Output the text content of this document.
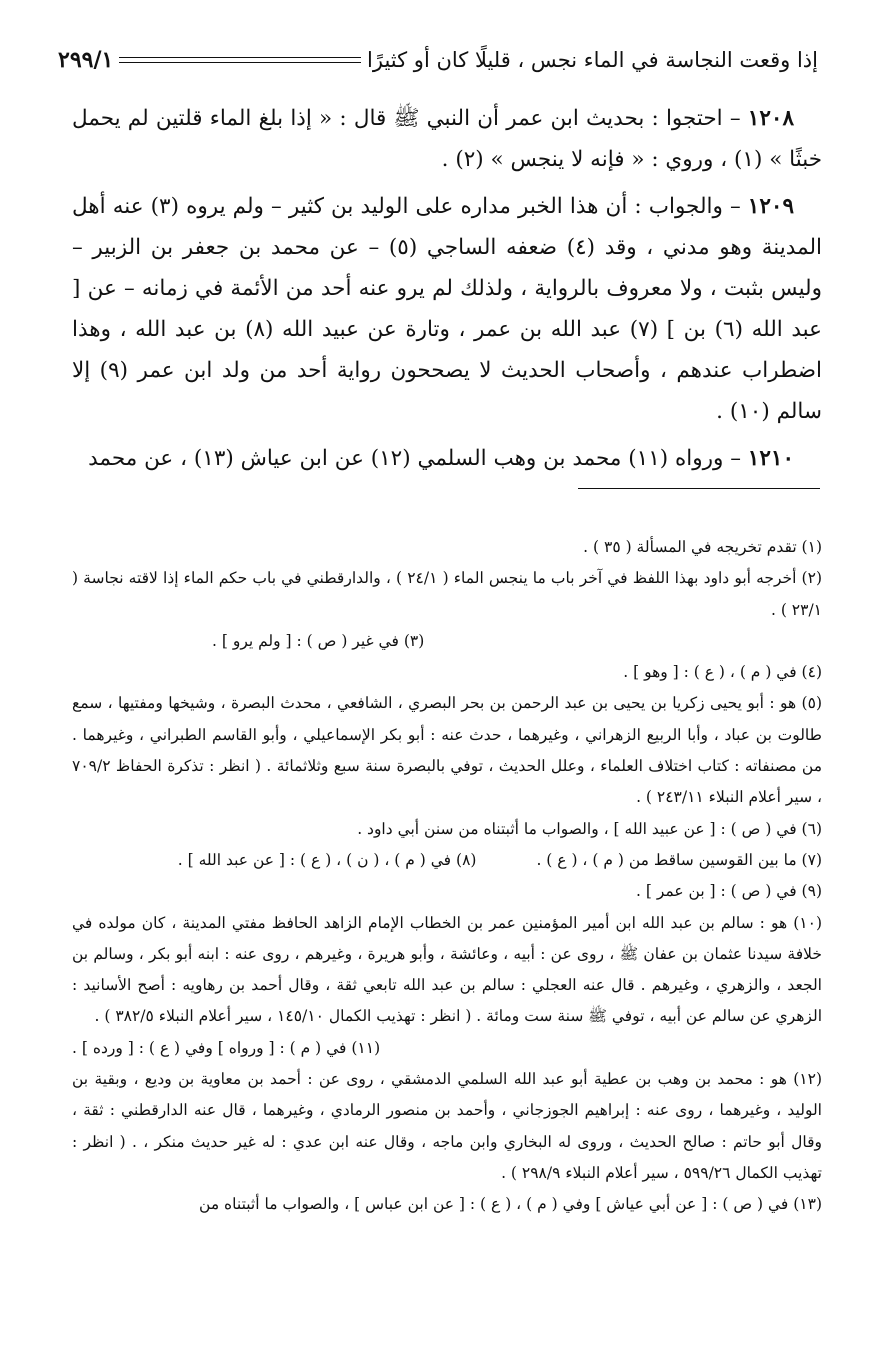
إذا وقعت النجاسة في الماء نجس ، قليلًا كان أو كثيرًا
٢٩٩/١

١٢٠٨ – احتجوا : بحديث ابن عمر أن النبي ﷺ قال : « إذا بلغ الماء قلتين لم يحمل خبثًا » (١) ، وروي : « فإنه لا ينجس » (٢) .

١٢٠٩ – والجواب : أن هذا الخبر مداره على الوليد بن كثير – ولم يروه (٣) عنه أهل المدينة وهو مدني ، وقد (٤) ضعفه الساجي (٥) – عن محمد بن جعفر بن الزبير – وليس بثبت ، ولا معروف بالرواية ، ولذلك لم يرو عنه أحد من الأئمة في زمانه – عن [ عبد الله (٦) بن ] (٧) عبد الله بن عمر ، وتارة عن عبيد الله (٨) بن عبد الله ، وهذا اضطراب عندهم ، وأصحاب الحديث لا يصححون رواية أحد من ولد ابن عمر (٩) إلا سالم (١٠) .

١٢١٠ – ورواه (١١) محمد بن وهب السلمي (١٢) عن ابن عياش (١٣) ، عن محمد

(١) تقدم تخريجه في المسألة ( ٣٥ ) .

(٢) أخرجه أبو داود بهذا اللفظ في آخر باب ما ينجس الماء ( ٢٤/١ ) ، والدارقطني في باب حكم الماء إذا لاقته نجاسة ( ٢٣/١ ) .

(٣) في غير ( ص ) : [ ولم يرو ] .

(٤) في ( م ) ، ( ع ) : [ وهو ] .

(٥) هو : أبو يحيى زكريا بن يحيى بن عبد الرحمن بن بحر البصري ، الشافعي ، محدث البصرة ، وشيخها ومفتيها ، سمع طالوت بن عباد ، وأبا الربيع الزهراني ، وغيرهما ، حدث عنه : أبو بكر الإسماعيلي ، وأبو القاسم الطبراني ، وغيرهما . من مصنفاته : كتاب اختلاف العلماء ، وعلل الحديث ، توفي بالبصرة سنة سبع وثلاثمائة . ( انظر : تذكرة الحفاظ ٧٠٩/٢ ، سير أعلام النبلاء ٢٤٣/١١ ) .

(٦) في ( ص ) : [ عن عبيد الله ] ، والصواب ما أثبتناه من سنن أبي داود .

(٧) ما بين القوسين ساقط من ( م ) ، ( ع ) .
(٨) في ( م ) ، ( ن ) ، ( ع ) : [ عن عبد الله ] .

(٩) في ( ص ) : [ بن عمر ] .

(١٠) هو : سالم بن عبد الله ابن أمير المؤمنين عمر بن الخطاب الإمام الزاهد الحافظ مفتي المدينة ، كان مولده في خلافة سيدنا عثمان بن عفان ﷺ ، روى عن : أبيه ، وعائشة ، وأبو هريرة ، وغيرهم ، روى عنه : ابنه أبو بكر ، وسالم بن الجعد ، والزهري ، وغيرهم . قال عنه العجلي : سالم بن عبد الله تابعي ثقة ، وقال أحمد بن رهاويه : أصح الأسانيد : الزهري عن سالم عن أبيه ، توفي ﷺ سنة ست ومائة . ( انظر : تهذيب الكمال ١٤٥/١٠ ، سير أعلام النبلاء ٣٨٢/٥ ) .

(١١) في ( م ) : [ ورواه ] وفي ( ع ) : [ ورده ] .

(١٢) هو : محمد بن وهب بن عطية أبو عبد الله السلمي الدمشقي ، روى عن : أحمد بن معاوية بن وديع ، وبقية بن الوليد ، وغيرهما ، روى عنه : إبراهيم الجوزجاني ، وأحمد بن منصور الرمادي ، وغيرهما ، قال عنه الدارقطني : ثقة ، وقال أبو حاتم : صالح الحديث ، وروى له البخاري وابن ماجه ، وقال عنه ابن عدي : له غير حديث منكر ، . ( انظر : تهذيب الكمال ٥٩٩/٢٦ ، سير أعلام النبلاء ٢٩٨/٩ ) .

(١٣) في ( ص ) : [ عن أبي عياش ] وفي ( م ) ، ( ع ) : [ عن ابن عباس ] ، والصواب ما أثبتناه من
